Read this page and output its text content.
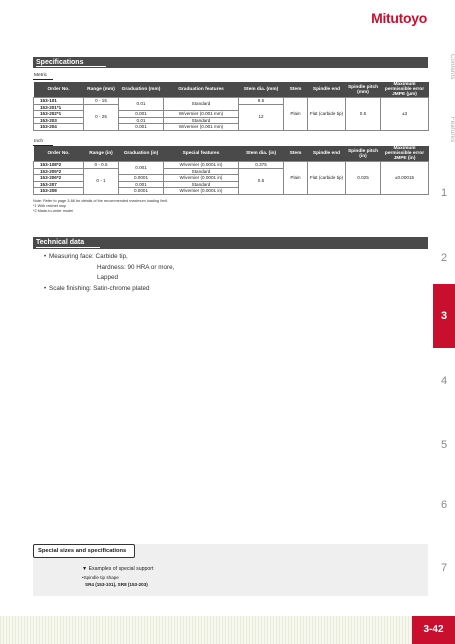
Mitutoyo
Contents
Features
1
2
3
4
5
6
7
Specifications
Metric
Order No.	Range (mm)	Graduation (mm)	Graduation features	Stem dia. (mm)	Stem	Spindle end	Spindle pitch (mm)	Maximum permissible error JMPE (μm)
153-101	0 - 15	0.01	Standard	9.5	Plain	Flat (carbide tip)	0.5	±3
153-201*1	0 - 25			12				
153-202*1		0.001	W/vernier (0.001 mm)					
153-203		0.01	Standard					
153-204		0.001	W/vernier (0.001 mm)					
Inch
Order No.	Range (in)	Graduation (in)	Special features	Stem dia. (in)	Stem	Spindle end	Spindle pitch (in)	Maximum permissible error JMPE (in)
153-108*2	0 - 0.5	0.001	W/vernier (0.0001 in)	0.375	Plain	Flat (carbide tip)	0.025	±0.00015
153-205*2	0 - 1		Standard	0.5				
153-206*2		0.0001	W/vernier (0.0001 in)					
153-207		0.001	Standard					
153-208		0.0001	W/vernier (0.0001 in)					
Note: Refer to page 3-68 for details of the recommended maximum loading limit.
*1 With ratchet stop
*2 Made-to-order model
Technical data
• Measuring face: Carbide tip,
Hardness: 90 HRA or more,
Lapped
• Scale finishing: Satin-chrome plated
Special sizes and specifications
▼ Examples of special support
•Spindle tip shape
SR4 (153-101), SR8 (153-203)
3-42
